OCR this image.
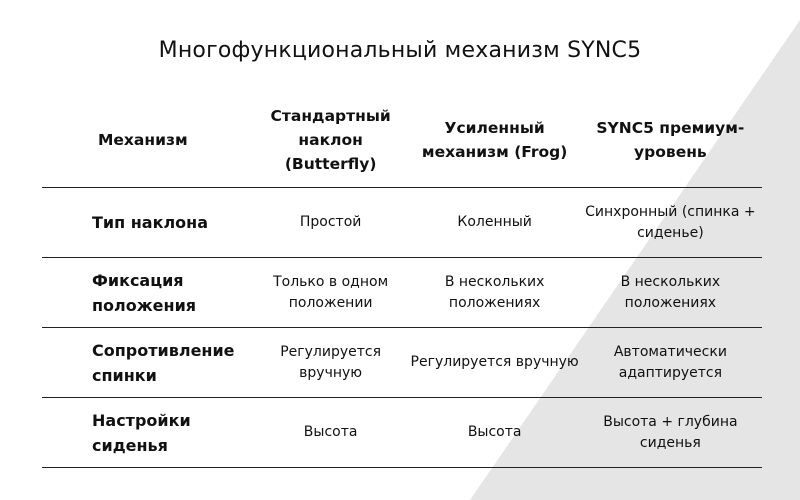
Многофункциональный механизм SYNC5
Механизм	Стандартный наклон (Butterfly)	Усиленный механизм (Frog)	SYNC5 премиум-уровень
Тип наклона	Простой	Коленный	Синхронный (спинка + сиденье)
Фиксация положения	Только в одном положении	В нескольких положениях	В нескольких положениях
Сопротивление спинки	Регулируется вручную	Регулируется вручную	Автоматически адаптируется
Настройки сиденья	Высота	Высота	Высота + глубина сиденья
